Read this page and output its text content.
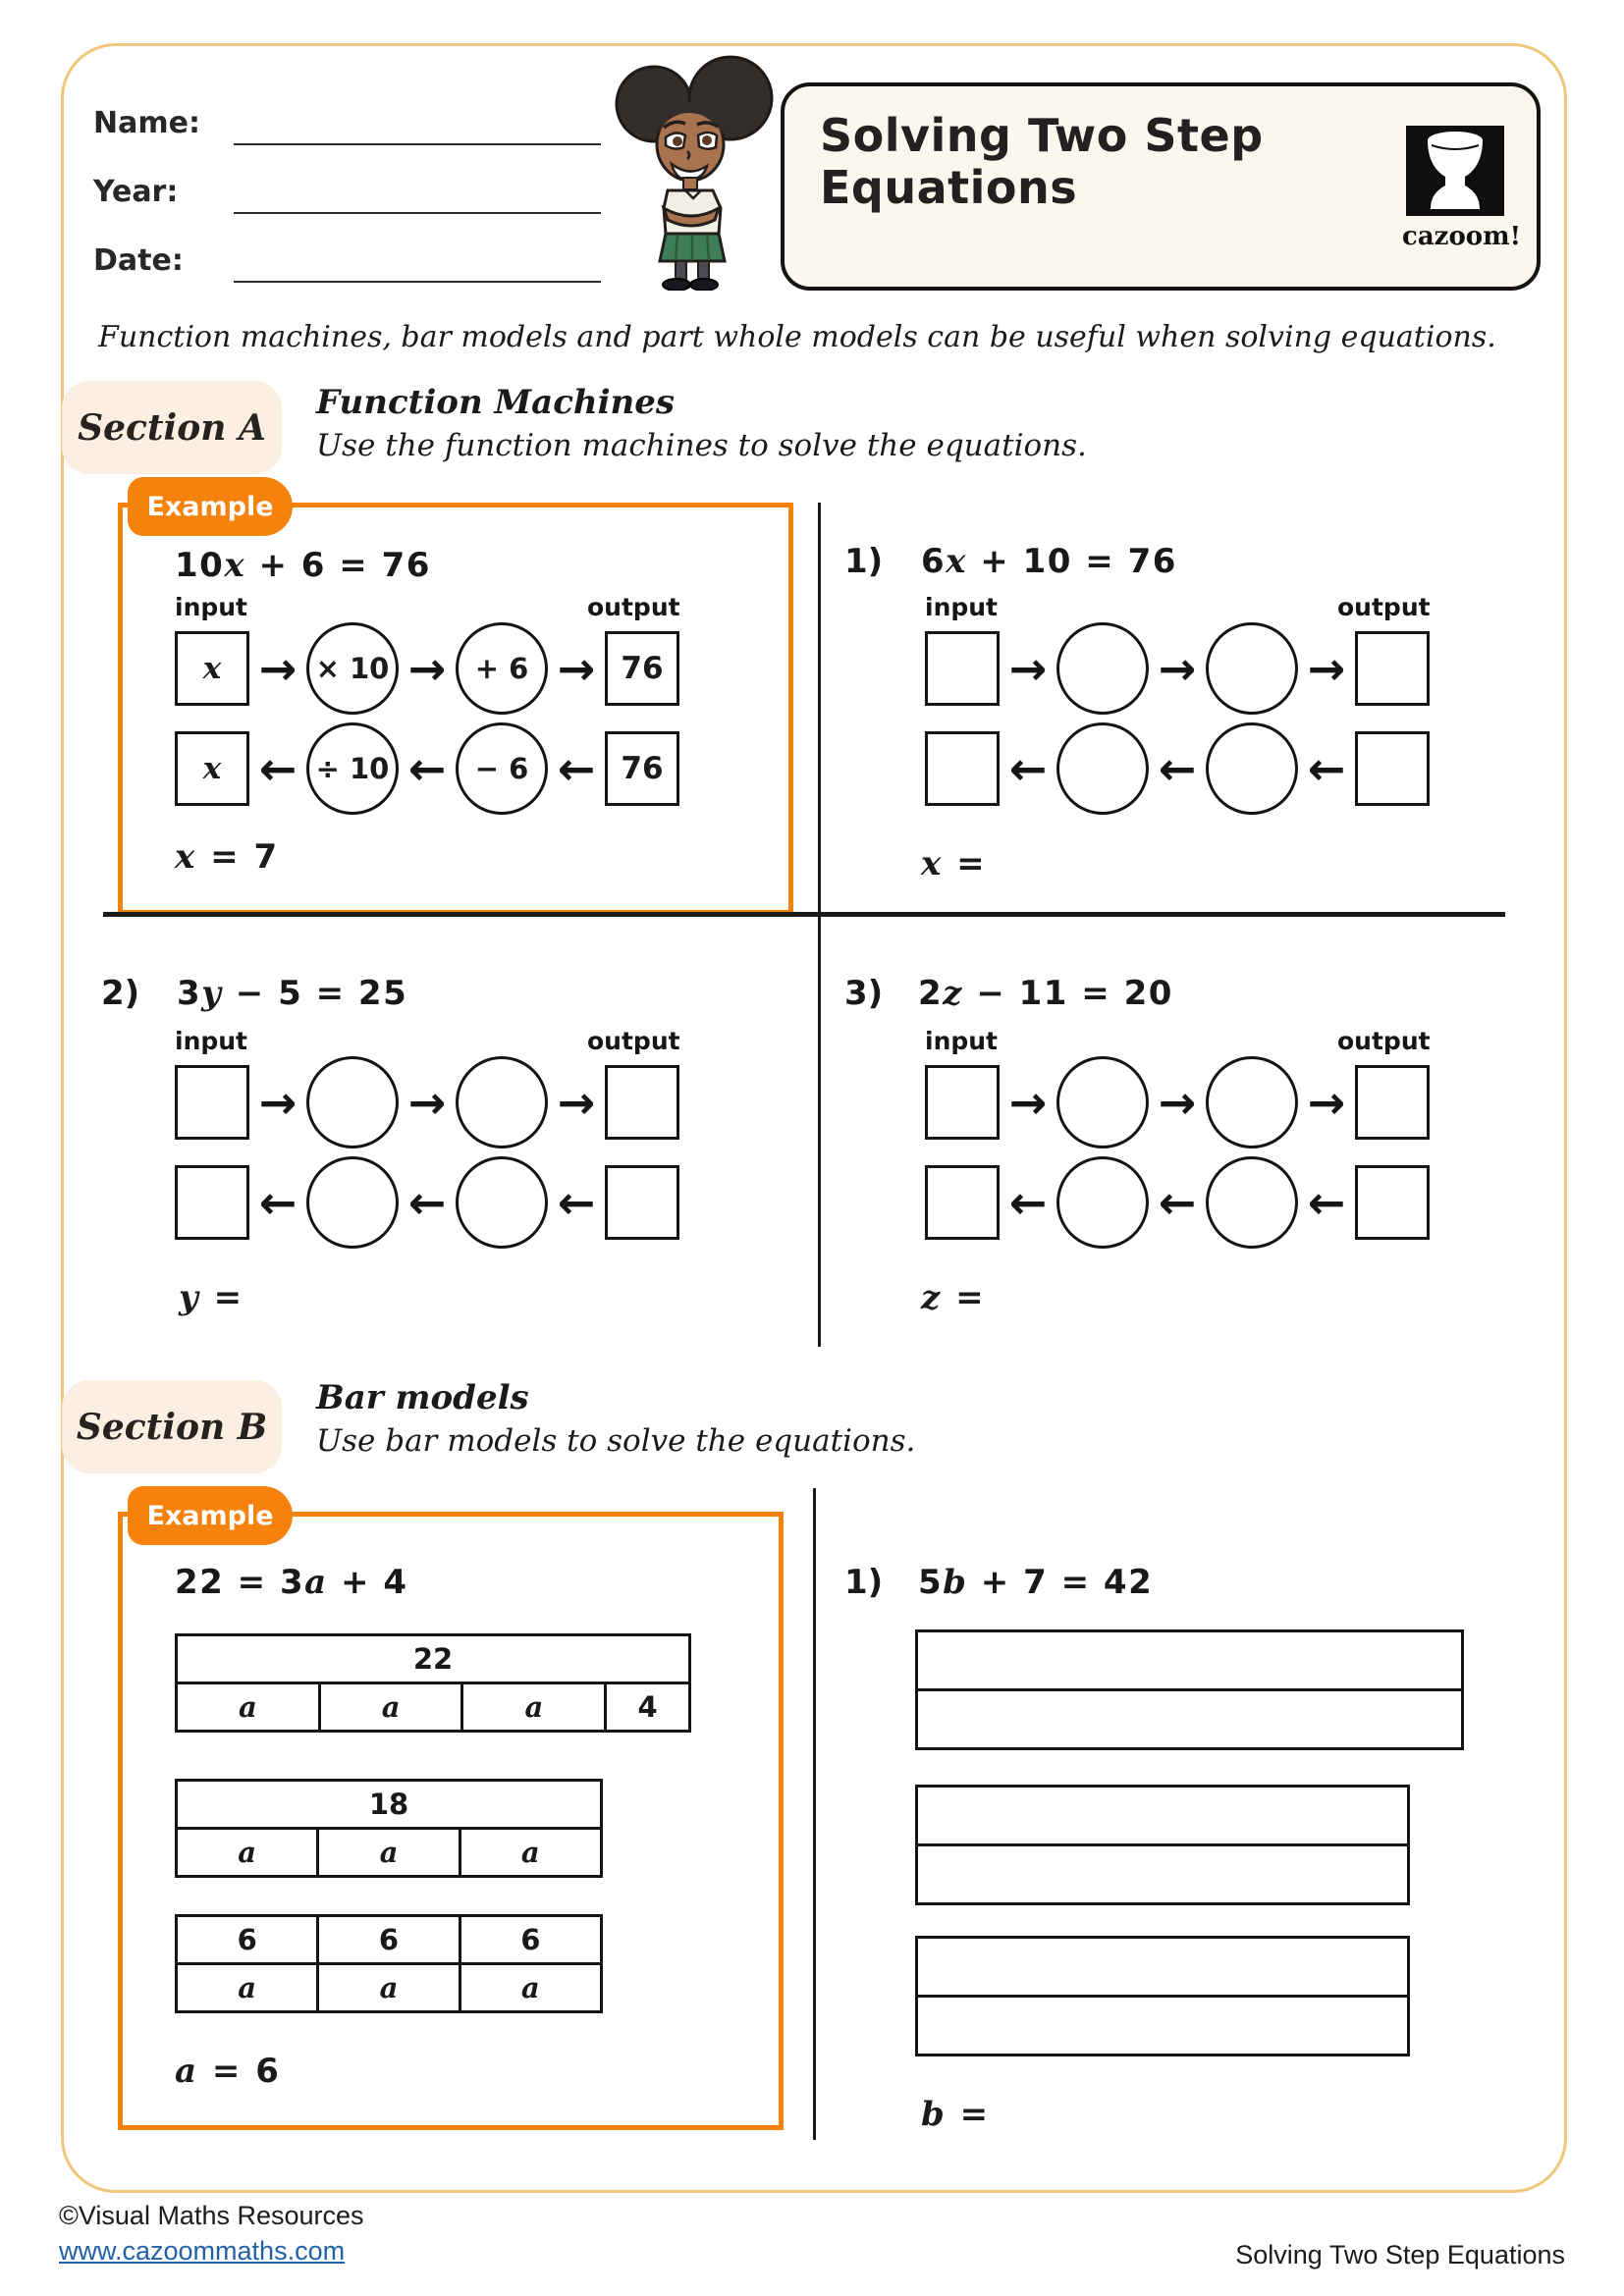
Name:
Year:
Date:
Solving Two Step
Equations
cazoom!
Function machines, bar models and part whole models can be useful when solving equations.
Section A
Function Machines
Use the function machines to solve the equations.
Example
10x + 6 = 76
input	output
x → × 10 →	+ 6 → 76
x ← ÷ 10 ←	− 6 ← 76
x = 7
1) 6x + 10 = 76
input	output
→ → →
← ← ←
x =
2) 3y − 5 = 25
input	output
→ → →
← ← ←
y =
3) 2z − 11 = 20
input	output
→ → →
← ← ←
z =
Section B
Bar models
Use bar models to solve the equations.
Example
22 = 3a + 4
22
a	a	a	4
18
a	a	a
6	6	6
a	a	a
a = 6
1) 5b + 7 = 42
b =
©Visual Maths Resources
www.cazoommaths.com	Solving Two Step Equations
